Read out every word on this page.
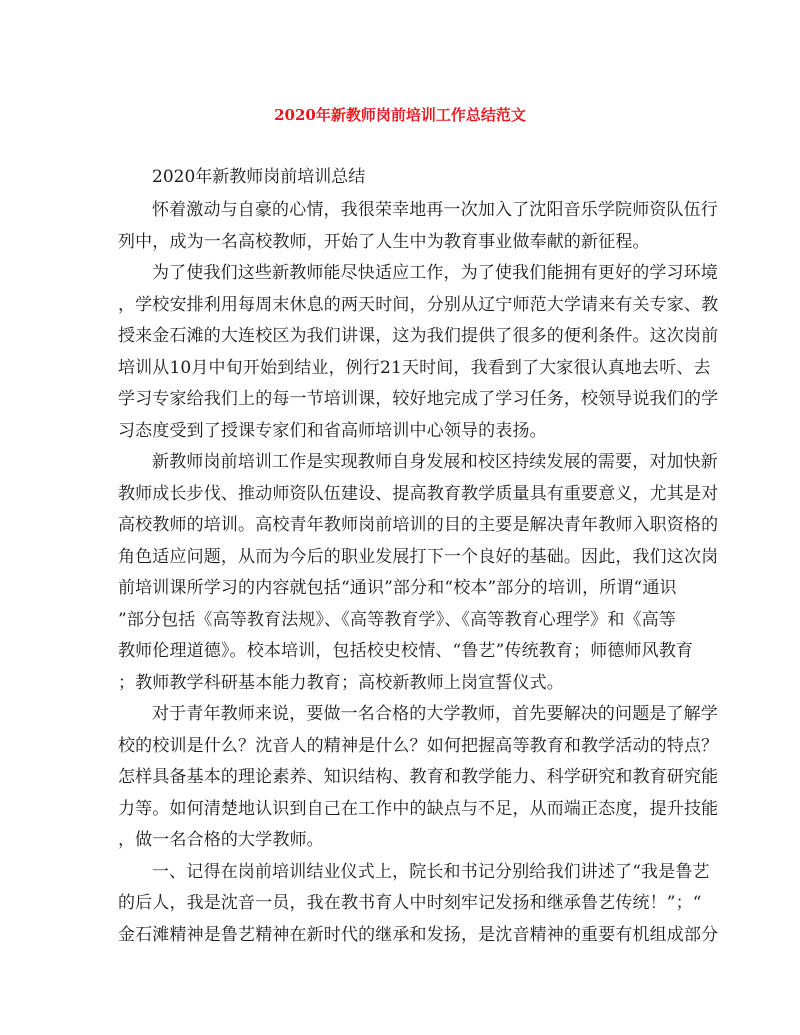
2020年新教师岗前培训工作总结范文

2020年新教师岗前培训总结

怀着激动与自豪的心情，我很荣幸地再一次加入了沈阳音乐学院师资队伍行
列中，成为一名高校教师，开始了人生中为教育事业做奉献的新征程。
为了使我们这些新教师能尽快适应工作，为了使我们能拥有更好的学习环境
，学校安排利用每周末休息的两天时间，分别从辽宁师范大学请来有关专家、教
授来金石滩的大连校区为我们讲课，这为我们提供了很多的便利条件。这次岗前
培训从10月中旬开始到结业，例行21天时间，我看到了大家很认真地去听、去
学习专家给我们上的每一节培训课，较好地完成了学习任务，校领导说我们的学
习态度受到了授课专家们和省高师培训中心领导的表扬。
新教师岗前培训工作是实现教师自身发展和校区持续发展的需要，对加快新
教师成长步伐、推动师资队伍建设、提高教育教学质量具有重要意义，尤其是对
高校教师的培训。高校青年教师岗前培训的目的主要是解决青年教师入职资格的
角色适应问题，从而为今后的职业发展打下一个良好的基础。因此，我们这次岗
前培训课所学习的内容就包括“通识”部分和“校本”部分的培训，所谓“通识
”部分包括《高等教育法规》、《高等教育学》、《高等教育心理学》和《高等
教师伦理道德》。校本培训，包括校史校情、“鲁艺”传统教育；师德师风教育
；教师教学科研基本能力教育；高校新教师上岗宣誓仪式。
对于青年教师来说，要做一名合格的大学教师，首先要解决的问题是了解学
校的校训是什么？沈音人的精神是什么？如何把握高等教育和教学活动的特点？
怎样具备基本的理论素养、知识结构、教育和教学能力、科学研究和教育研究能
力等。如何清楚地认识到自己在工作中的缺点与不足，从而端正态度，提升技能
，做一名合格的大学教师。
一、记得在岗前培训结业仪式上，院长和书记分别给我们讲述了“我是鲁艺
的后人，我是沈音一员，我在教书育人中时刻牢记发扬和继承鲁艺传统！”；“
金石滩精神是鲁艺精神在新时代的继承和发扬，是沈音精神的重要有机组成部分
